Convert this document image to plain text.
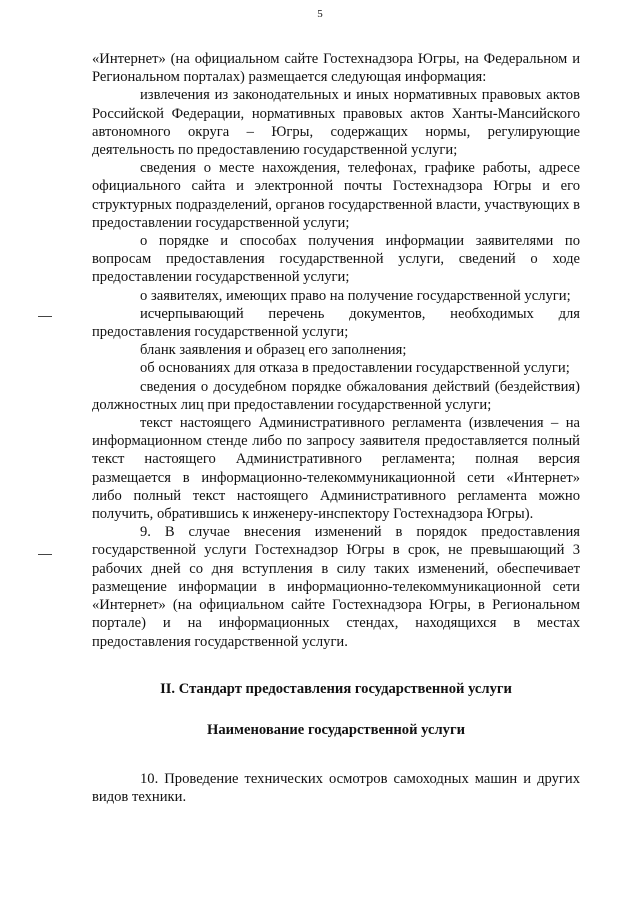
5

«Интернет» (на официальном сайте Гостехнадзора Югры, на Федеральном и Региональном порталах) размещается следующая информация:

извлечения из законодательных и иных нормативных правовых актов Российской Федерации, нормативных правовых актов Ханты-Мансийского автономного округа – Югры, содержащих нормы, регулирующие деятельность по предоставлению государственной услуги;

сведения о месте нахождения, телефонах, графике работы, адресе официального сайта и электронной почты Гостехнадзора Югры и его структурных подразделений, органов государственной власти, участвующих в предоставлении государственной услуги;

о порядке и способах получения информации заявителями по вопросам предоставления государственной услуги, сведений о ходе предоставлении государственной услуги;

о заявителях, имеющих право на получение государственной услуги;

исчерпывающий перечень документов, необходимых для предоставления государственной услуги;

бланк заявления и образец его заполнения;

об основаниях для отказа в предоставлении государственной услуги;

сведения о досудебном порядке обжалования действий (бездействия) должностных лиц при предоставлении государственной услуги;

текст настоящего Административного регламента (извлечения – на информационном стенде либо по запросу заявителя предоставляется полный текст настоящего Административного регламента; полная версия размещается в информационно-телекоммуникационной сети «Интернет» либо полный текст настоящего Административного регламента можно получить, обратившись к инженеру-инспектору Гостехнадзора Югры).

9. В случае внесения изменений в порядок предоставления государственной услуги Гостехнадзор Югры в срок, не превышающий 3 рабочих дней со дня вступления в силу таких изменений, обеспечивает размещение информации в информационно-телекоммуникационной сети «Интернет» (на официальном сайте Гостехнадзора Югры, в Региональном портале) и на информационных стендах, находящихся в местах предоставления государственной услуги.

II. Стандарт предоставления государственной услуги

Наименование государственной услуги

10. Проведение технических осмотров самоходных машин и других видов техники.
